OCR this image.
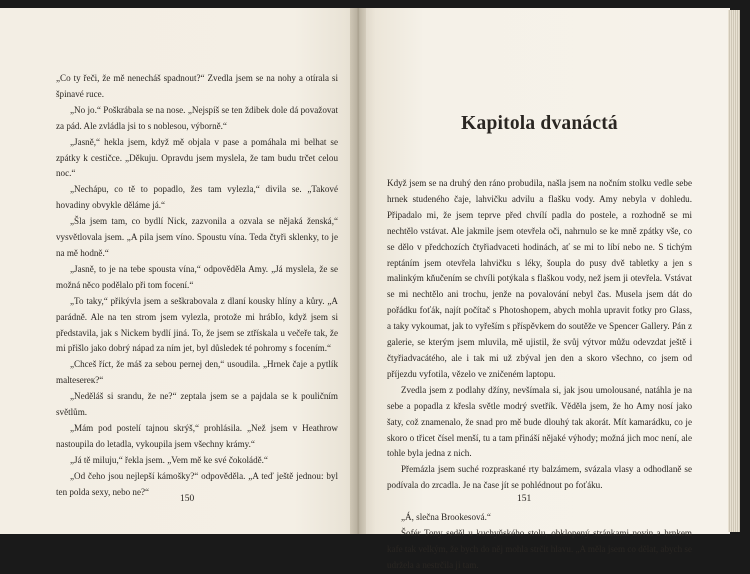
„Co ty řeči, že mě nenecháš spadnout?“ Zvedla jsem se na nohy a otírala si špinavé ruce.

„No jo.“ Poškrábala se na nose. „Nejspíš se ten ždibek dole dá považovat za pád. Ale zvládla jsi to s noblesou, výborně.“

„Jasně,“ hekla jsem, když mě objala v pase a pomáhala mi belhat se zpátky k cestičce. „Děkuju. Opravdu jsem myslela, že tam budu trčet celou noc.“

„Nechápu, co tě to popadlo, žes tam vylezla,“ divila se. „Takové hovadiny obvykle děláme já.“

„Šla jsem tam, co bydlí Nick, zazvonila a ozvala se nějaká ženská,“ vysvětlovala jsem. „A pila jsem víno. Spoustu vína. Teda čtyři sklenky, to je na mě hodně.“

„Jasně, to je na tebe spousta vína,“ odpověděla Amy. „Já myslela, že se možná něco podělalo při tom focení.“

„To taky,“ přikývla jsem a seškrabovala z dlaní kousky hlíny a kůry. „A parádně. Ale na ten strom jsem vylezla, protože mi hrábIo, když jsem si představila, jak s Nickem bydlí jiná. To, že jsem se ztřískala u večeře tak, že mi přišlo jako dobrý nápad za ním jet, byl důsledek té pohromy s focením.“

„Chceš říct, že máš za sebou pernej den,“ usoudila. „Hrnek čaje a pytlík maltesereк?“

„Neděláš si srandu, že ne?“ zeptala jsem se a pajdala se k pouličním světlům.

„Mám pod postelí tajnou skrýš,“ prohlásila. „Než jsem v Heathrow nastoupila do letadla, vykoupila jsem všechny krámy.“

„Já tě miluju,“ řekla jsem. „Vem mě ke své čokoládě.“

„Od čeho jsou nejlepší kámošky?“ odpověděla. „A teď ještě jednou: byl ten polda sexy, nebo ne?“

150
Kapitola dvanáctá

Když jsem se na druhý den ráno probudila, našla jsem na nočním stolku vedle sebe hrnek studeného čaje, lahvičku advilu a flašku vody. Amy nebyla v dohledu. Připadalo mi, že jsem teprve před chvílí padla do postele, a rozhodně se mi nechtělo vstávat. Ale jakmile jsem otevřela oči, nahrnulo se ke mně zpátky vše, co se dělo v předchozích čtyřiadvaceti hodinách, ať se mi to líbí nebo ne. S tichým reptáním jsem otevřela lahvičku s léky, šoupla do pusy dvě tabletky a jen s malinkým kňučením se chvíli potýkala s flaškou vody, než jsem ji otevřela. Vstávat se mi nechtělo ani trochu, jenže na povalování nebyl čas. Musela jsem dát do pořádku foťák, najít počítač s Photoshopem, abych mohla upravit fotky pro Glass, a taky vykoumat, jak to vyřeším s příspěvkem do soutěže ve Spencer Gallery. Pán z galerie, se kterým jsem mluvila, mě ujistil, že svůj výtvor můžu odevzdat ještě i čtyřiadvacátého, ale i tak mi už zbýval jen den a skoro všechno, co jsem od příjezdu vyfotila, vězelo ve zničeném laptopu.

Zvedla jsem z podlahy džíny, nevšímala si, jak jsou umolousané, natáhla je na sebe a popadla z křesla světle modrý svetřík. Věděla jsem, že ho Amy nosí jako šaty, což znamenalo, že snad pro mě bude dlouhý tak akorát. Mít kamarádku, co je skoro o třicet čísel menší, tu a tam přináší nějaké výhody; možná jich moc není, ale tohle byla jedna z nich.

Přemázla jsem suché rozpraskané rty balzámem, svázala vlasy a odhodlaně se podívala do zrcadla. Je na čase jít se pohlédnout po foťáku.

„Á, slečna Brookesová.“

Šofér Tony seděl u kuchyňského stolu, obklopený stránkami novin a hrnkem kafe tak velkým, že bych do něj mohla strčit hlavu. „A měla jsem co dělat, abych se udržela a nestrčila ji tam.

151
